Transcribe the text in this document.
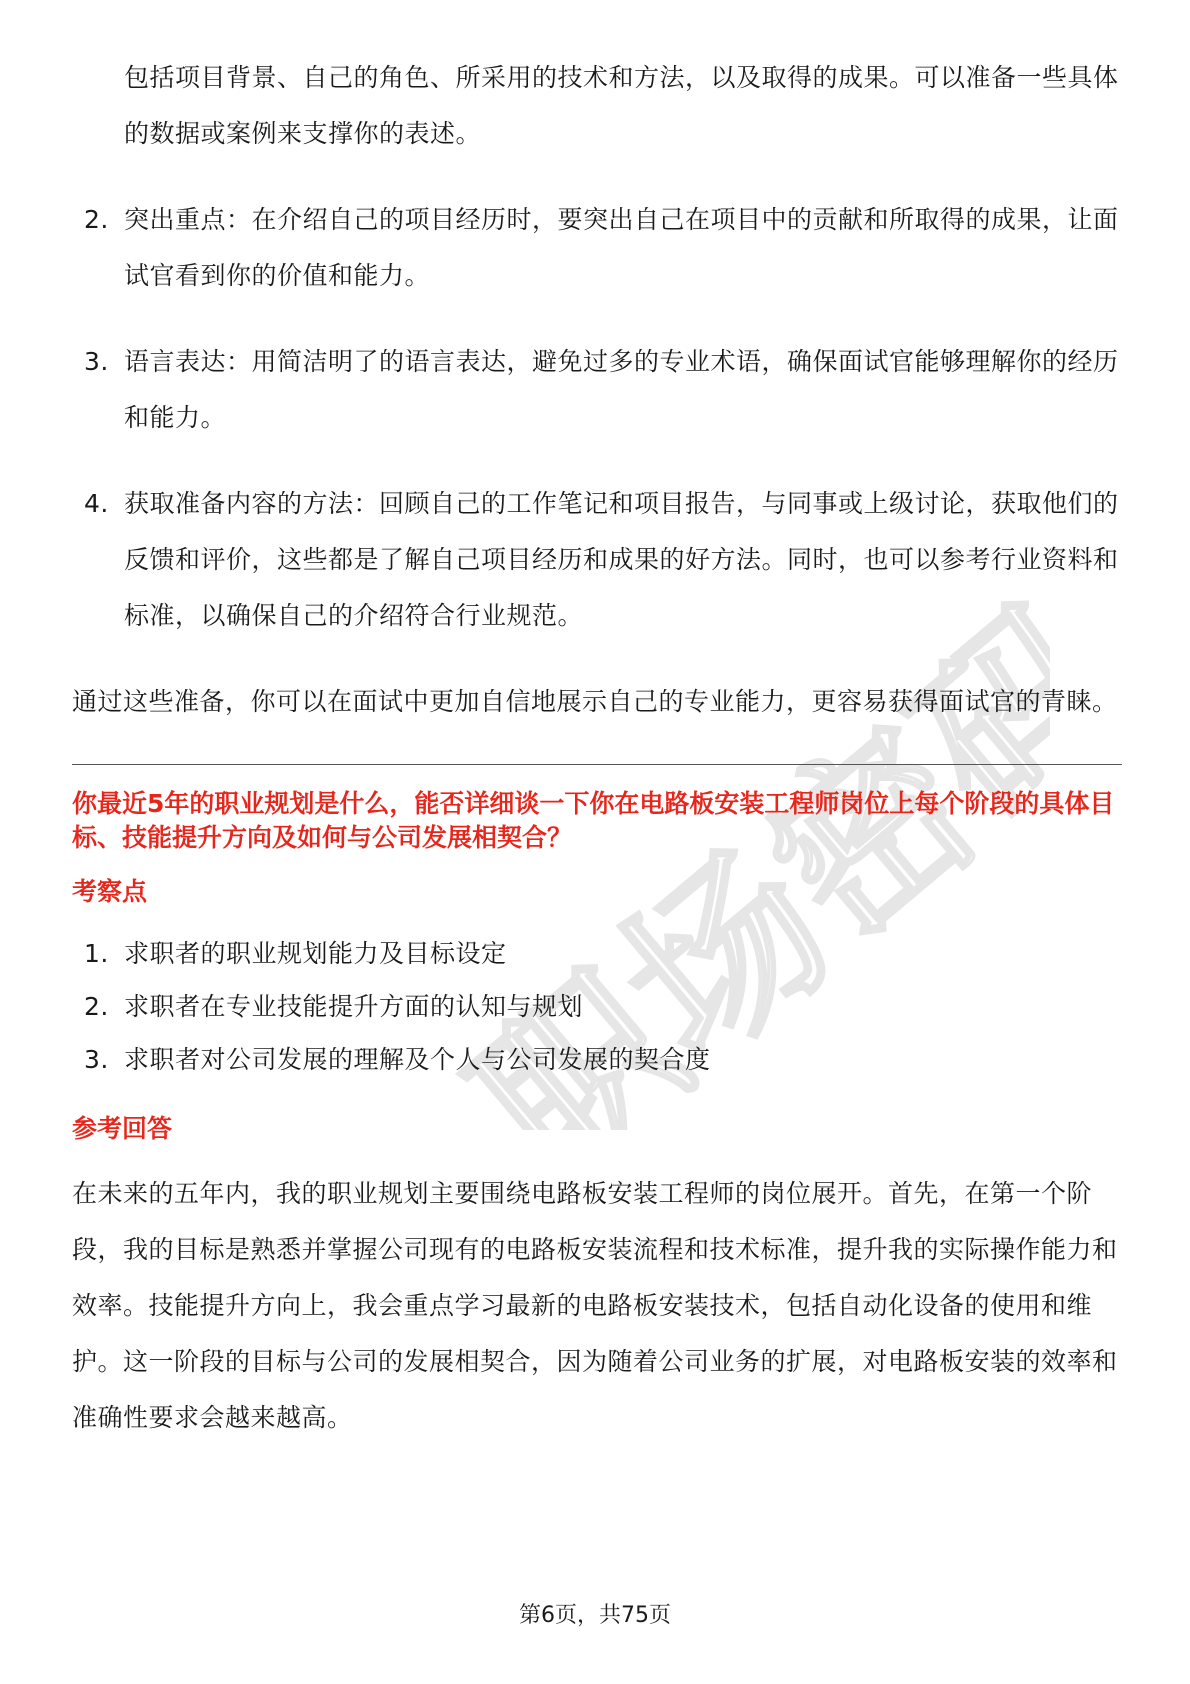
职场密码

包括项目背景、自己的角色、所采用的技术和方法，以及取得的成果。可以准备一些具体的数据或案例来支撑你的表述。

2. 突出重点：在介绍自己的项目经历时，要突出自己在项目中的贡献和所取得的成果，让面试官看到你的价值和能力。
3. 语言表达：用简洁明了的语言表达，避免过多的专业术语，确保面试官能够理解你的经历和能力。
4. 获取准备内容的方法：回顾自己的工作笔记和项目报告，与同事或上级讨论，获取他们的反馈和评价，这些都是了解自己项目经历和成果的好方法。同时，也可以参考行业资料和标准，以确保自己的介绍符合行业规范。

通过这些准备，你可以在面试中更加自信地展示自己的专业能力，更容易获得面试官的青睐。

你最近5年的职业规划是什么，能否详细谈一下你在电路板安装工程师岗位上每个阶段的具体目标、技能提升方向及如何与公司发展相契合？

考察点

1. 求职者的职业规划能力及目标设定
2. 求职者在专业技能提升方面的认知与规划
3. 求职者对公司发展的理解及个人与公司发展的契合度

参考回答

在未来的五年内，我的职业规划主要围绕电路板安装工程师的岗位展开。首先，在第一个阶段，我的目标是熟悉并掌握公司现有的电路板安装流程和技术标准，提升我的实际操作能力和效率。技能提升方向上，我会重点学习最新的电路板安装技术，包括自动化设备的使用和维护。这一阶段的目标与公司的发展相契合，因为随着公司业务的扩展，对电路板安装的效率和准确性要求会越来越高。

第6页，共75页
